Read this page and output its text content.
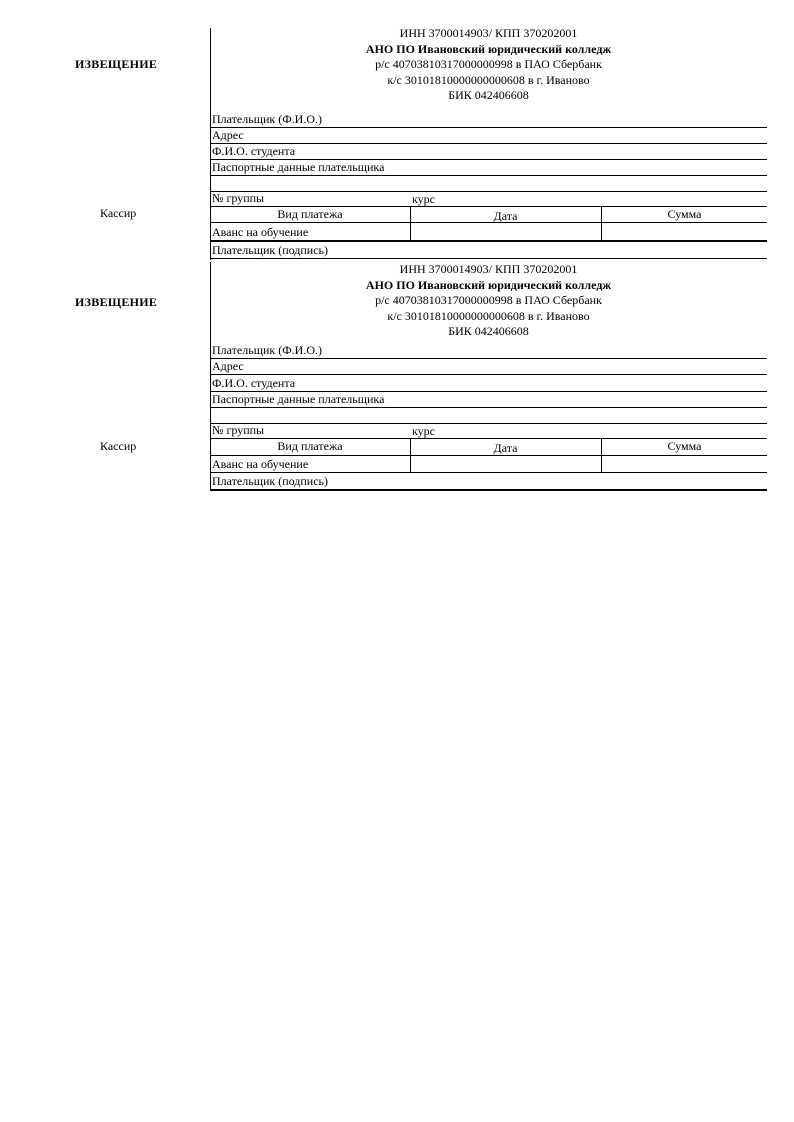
ИЗВЕЩЕНИЕ
Кассир
ИНН 3700014903/ КПП 370202001
АНО ПО Ивановский юридический колледж
р/с 40703810317000000998 в ПАО Сбербанк
к/с 30101810000000000608 в г. Иваново
БИК 042406608
Плательщик (Ф.И.О.)
Адрес
Ф.И.О. студента
Паспортные данные плательщика
№ группы	курс
Вид платежа	Дата	Сумма
Аванс на обучение
Плательщик (подпись)
ИЗВЕЩЕНИЕ
Кассир
ИНН 3700014903/ КПП 370202001
АНО ПО Ивановский юридический колледж
р/с 40703810317000000998 в ПАО Сбербанк
к/с 30101810000000000608 в г. Иваново
БИК 042406608
Плательщик (Ф.И.О.)
Адрес
Ф.И.О. студента
Паспортные данные плательщика
№ группы	курс
Вид платежа	Дата	Сумма
Аванс на обучение
Плательщик (подпись)
